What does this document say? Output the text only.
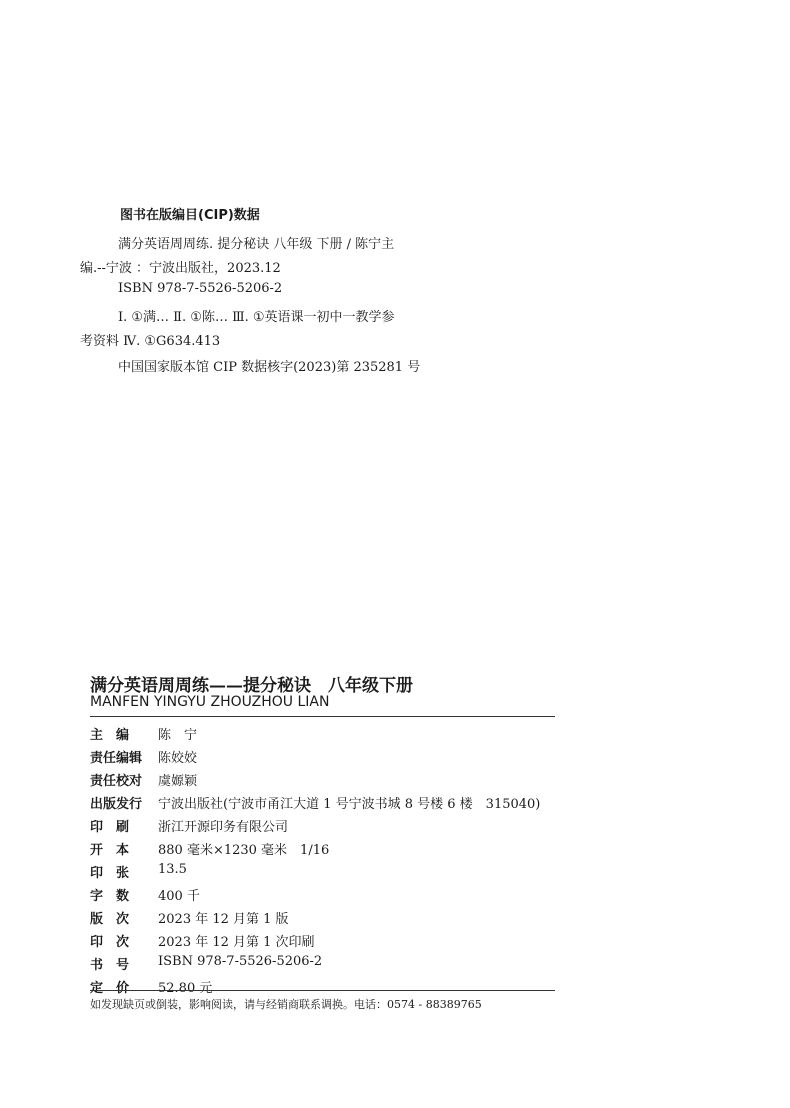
图书在版编目(CIP)数据
满分英语周周练. 提分秘诀 八年级 下册 / 陈宁主
编.--宁波 ：宁波出版社，2023.12
ISBN 978-7-5526-5206-2
Ⅰ. ①满… Ⅱ. ①陈… Ⅲ. ①英语课一初中一教学参
考资料 Ⅳ. ①G634.413
中国国家版本馆 CIP 数据核字(2023)第 235281 号
满分英语周周练——提分秘诀　八年级下册
MANFEN YINGYU ZHOUZHOU LIAN
主　编	陈　宁
责任编辑	陈姣姣
责任校对	虞嫄颖
出版发行	宁波出版社(宁波市甬江大道 1 号宁波书城 8 号楼 6 楼　315040)
印　刷	浙江开源印务有限公司
开　本	880 毫米×1230 毫米　1/16
印　张	13.5
字　数	400 千
版　次	2023 年 12 月第 1 版
印　次	2023 年 12 月第 1 次印刷
书　号	ISBN 978-7-5526-5206-2
定　价	52.80 元
如发现缺页或倒装，影响阅读，请与经销商联系调换。电话：0574 - 88389765
